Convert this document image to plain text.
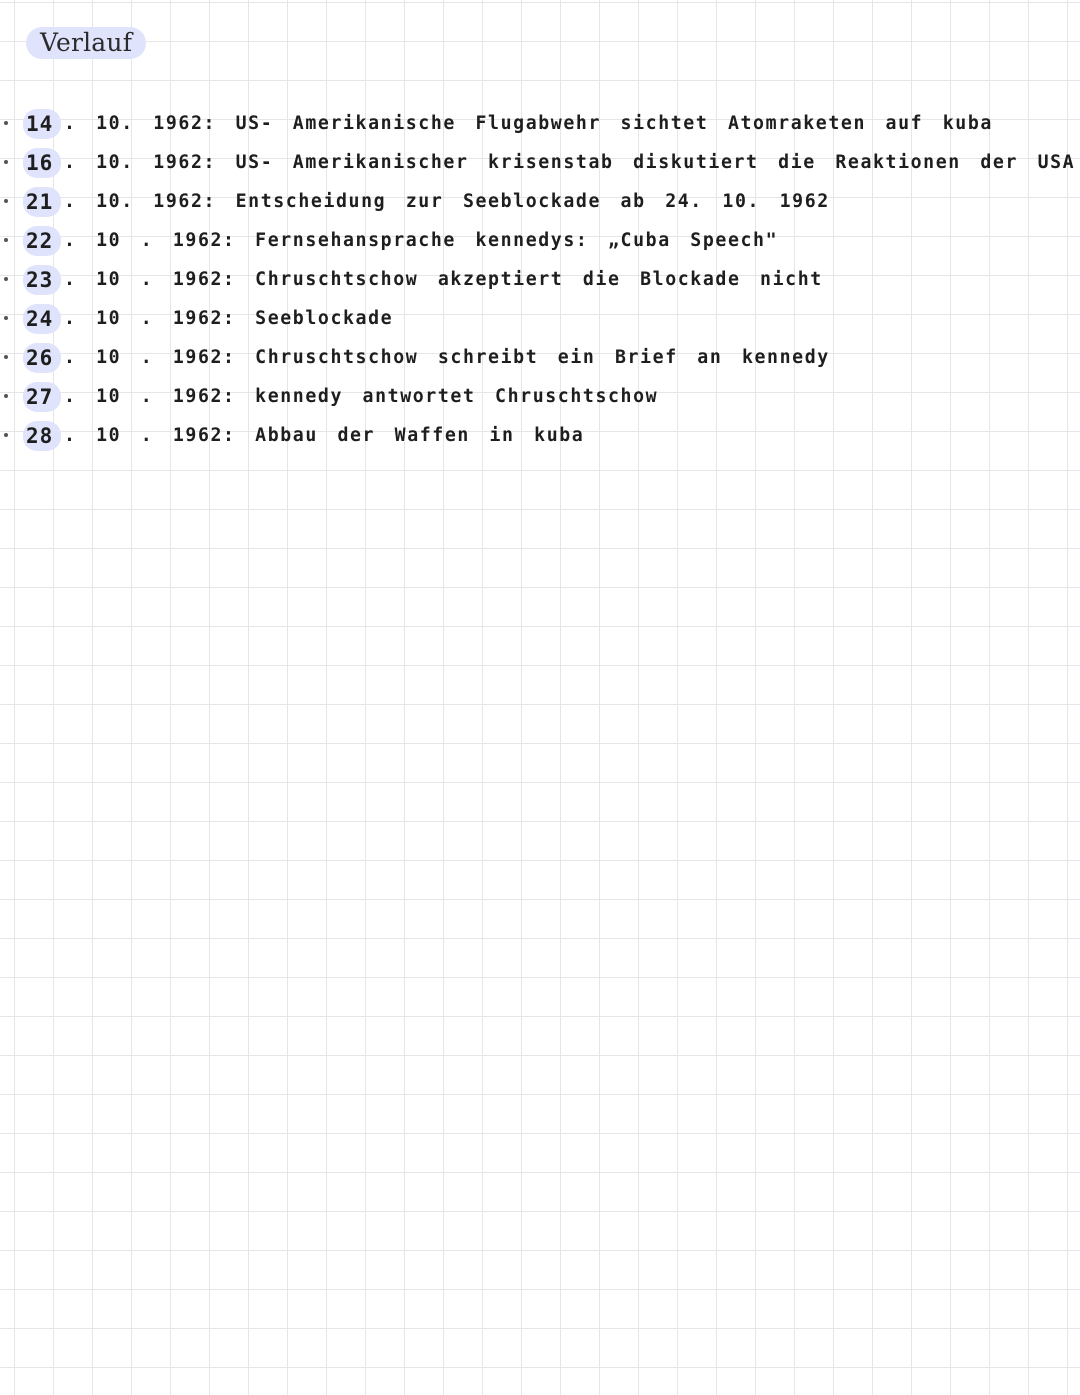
Verlauf
14 . 10. 1962: US- Amerikanische Flugabwehr sichtet Atomraketen auf kuba
16 . 10. 1962: US- Amerikanischer krisenstab diskutiert die Reaktionen der USA
21 . 10. 1962: Entscheidung zur Seeblockade ab 24. 10. 1962
22 . 10 . 1962: Fernsehansprache kennedys: „Cuba Speech"
23 . 10 . 1962: Chruschtschow akzeptiert die Blockade nicht
24 . 10 . 1962: Seeblockade
26 . 10 . 1962: Chruschtschow schreibt ein Brief an kennedy
27 . 10 . 1962: kennedy antwortet Chruschtschow
28 . 10 . 1962: Abbau der Waffen in kuba
